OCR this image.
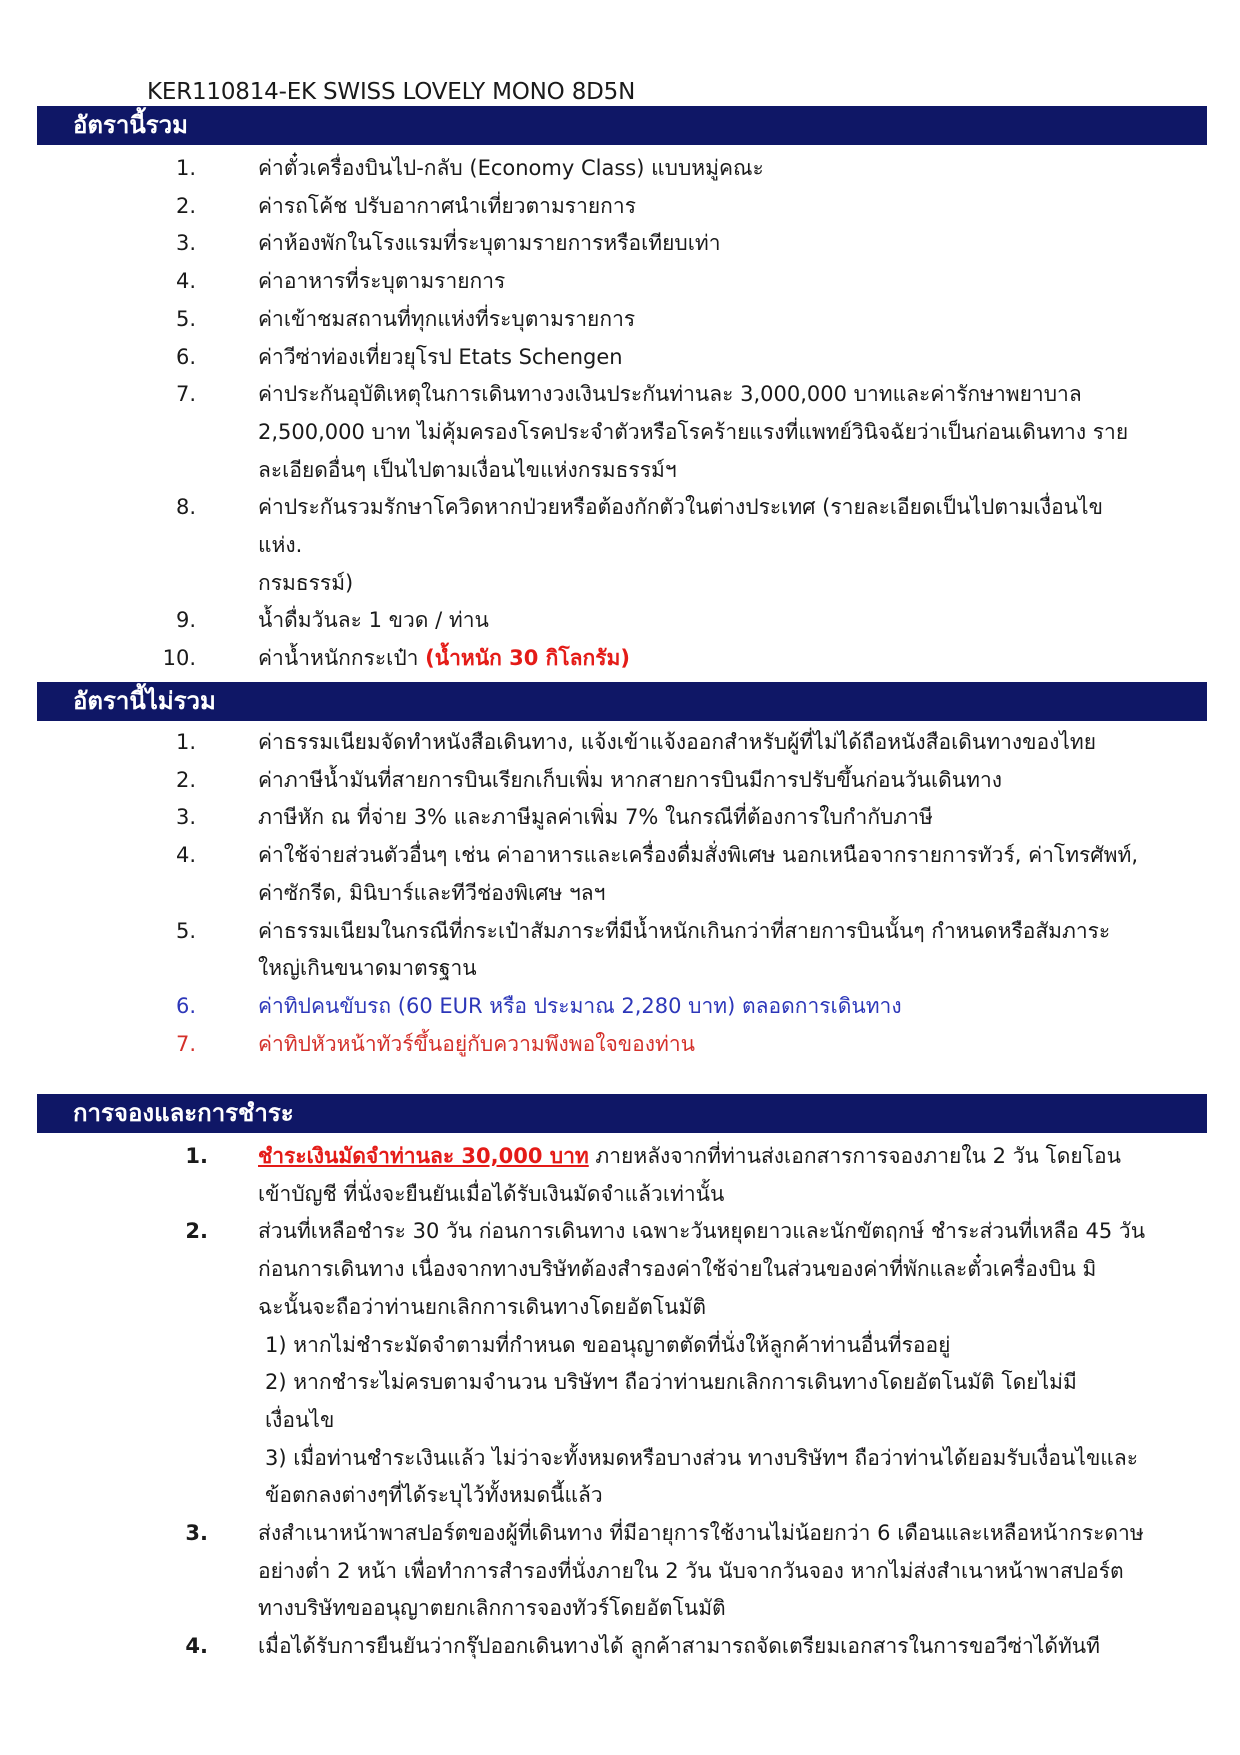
KER110814-EK SWISS LOVELY MONO 8D5N
อัตรานี้รวม
1.	ค่าตั๋วเครื่องบินไป-กลับ (Economy Class) แบบหมู่คณะ
2.	ค่ารถโค้ช ปรับอากาศนำเที่ยวตามรายการ
3.	ค่าห้องพักในโรงแรมที่ระบุตามรายการหรือเทียบเท่า
4.	ค่าอาหารที่ระบุตามรายการ
5.	ค่าเข้าชมสถานที่ทุกแห่งที่ระบุตามรายการ
6.	ค่าวีซ่าท่องเที่ยวยุโรป Etats Schengen
7.	ค่าประกันอุบัติเหตุในการเดินทางวงเงินประกันท่านละ 3,000,000 บาทและค่ารักษาพยาบาล 2,500,000 บาท ไม่คุ้มครองโรคประจำตัวหรือโรคร้ายแรงที่แพทย์วินิจฉัยว่าเป็นก่อนเดินทาง รายละเอียดอื่นๆ เป็นไปตามเงื่อนไขแห่งกรมธรรม์ฯ
8.	ค่าประกันรวมรักษาโควิดหากป่วยหรือต้องกักตัวในต่างประเทศ (รายละเอียดเป็นไปตามเงื่อนไข
แห่ง.
กรมธรรม์)
9.	น้ำดื่มวันละ 1 ขวด / ท่าน
10.	ค่าน้ำหนักกระเป๋า (น้ำหนัก 30 กิโลกรัม)
อัตรานี้ไม่รวม
1.	ค่าธรรมเนียมจัดทำหนังสือเดินทาง, แจ้งเข้าแจ้งออกสำหรับผู้ที่ไม่ได้ถือหนังสือเดินทางของไทย
2.	ค่าภาษีน้ำมันที่สายการบินเรียกเก็บเพิ่ม หากสายการบินมีการปรับขึ้นก่อนวันเดินทาง
3.	ภาษีหัก ณ ที่จ่าย 3% และภาษีมูลค่าเพิ่ม 7% ในกรณีที่ต้องการใบกำกับภาษี
4.	ค่าใช้จ่ายส่วนตัวอื่นๆ เช่น ค่าอาหารและเครื่องดื่มสั่งพิเศษ นอกเหนือจากรายการทัวร์, ค่าโทรศัพท์, ค่าซักรีด, มินิบาร์และทีวีช่องพิเศษ ฯลฯ
5.	ค่าธรรมเนียมในกรณีที่กระเป๋าสัมภาระที่มีน้ำหนักเกินกว่าที่สายการบินนั้นๆ กำหนดหรือสัมภาระใหญ่เกินขนาดมาตรฐาน
6.	ค่าทิปคนขับรถ (60 EUR หรือ ประมาณ 2,280 บาท) ตลอดการเดินทาง
7.	ค่าทิปหัวหน้าทัวร์ขึ้นอยู่กับความพึงพอใจของท่าน
การจองและการชำระ
1. ชำระเงินมัดจำท่านละ 30,000 บาท ภายหลังจากที่ท่านส่งเอกสารการจองภายใน 2 วัน โดยโอนเข้าบัญชี ที่นั่งจะยืนยันเมื่อได้รับเงินมัดจำแล้วเท่านั้น
2. ส่วนที่เหลือชำระ 30 วัน ก่อนการเดินทาง เฉพาะวันหยุดยาวและนักขัตฤกษ์ ชำระส่วนที่เหลือ 45 วันก่อนการเดินทาง เนื่องจากทางบริษัทต้องสำรองค่าใช้จ่ายในส่วนของค่าที่พักและตั๋วเครื่องบิน มิฉะนั้นจะถือว่าท่านยกเลิกการเดินทางโดยอัตโนมัติ
1) หากไม่ชำระมัดจำตามที่กำหนด ขออนุญาตตัดที่นั่งให้ลูกค้าท่านอื่นที่รออยู่
2) หากชำระไม่ครบตามจำนวน บริษัทฯ ถือว่าท่านยกเลิกการเดินทางโดยอัตโนมัติ โดยไม่มีเงื่อนไข
3) เมื่อท่านชำระเงินแล้ว ไม่ว่าจะทั้งหมดหรือบางส่วน ทางบริษัทฯ ถือว่าท่านได้ยอมรับเงื่อนไขและข้อตกลงต่างๆที่ได้ระบุไว้ทั้งหมดนี้แล้ว
3. ส่งสำเนาหน้าพาสปอร์ตของผู้ที่เดินทาง ที่มีอายุการใช้งานไม่น้อยกว่า 6 เดือนและเหลือหน้ากระดาษอย่างต่ำ 2 หน้า เพื่อทำการสำรองที่นั่งภายใน 2 วัน นับจากวันจอง หากไม่ส่งสำเนาหน้าพาสปอร์ตทางบริษัทขออนุญาตยกเลิกการจองทัวร์โดยอัตโนมัติ
4. เมื่อได้รับการยืนยันว่ากรุ๊ปออกเดินทางได้ ลูกค้าสามารถจัดเตรียมเอกสารในการขอวีซ่าได้ทันที
